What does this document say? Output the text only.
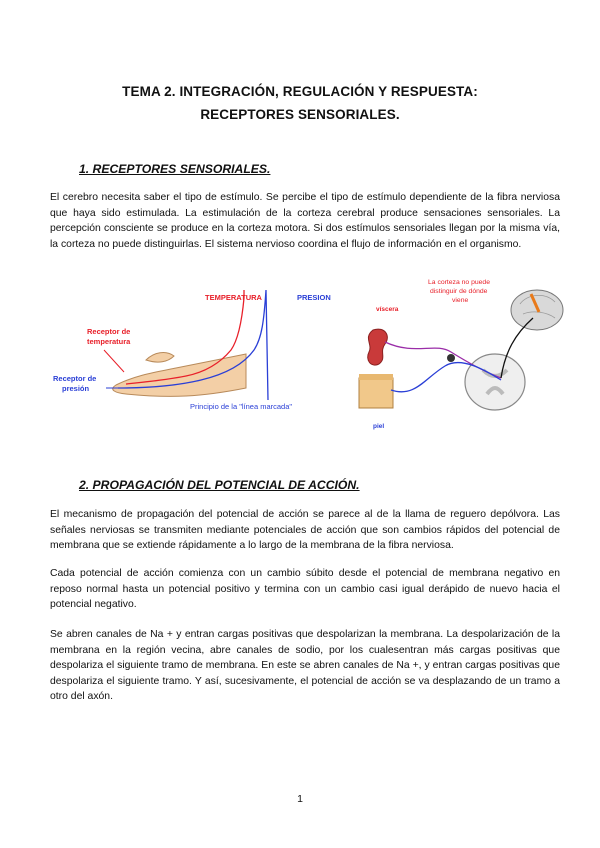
TEMA 2. INTEGRACIÓN, REGULACIÓN Y RESPUESTA:
RECEPTORES SENSORIALES.
1. RECEPTORES SENSORIALES.
El cerebro necesita saber el tipo de estímulo. Se percibe el tipo de estímulo dependiente de la fibra nerviosa que haya sido estimulada. La estimulación de la corteza cerebral produce sensaciones sensoriales. La percepción consciente se produce en la corteza motora. Si dos estímulos sensoriales llegan por la misma vía, la corteza no puede distinguirlas. El sistema nervioso coordina el flujo de información en el organismo.
TEMPERATURA	PRESION
Receptor de
temperatura
Receptor de
presión
Principio de la "línea marcada"
La corteza no puede
distinguir de dónde
viene
víscera
piel
2. PROPAGACIÓN DEL POTENCIAL DE ACCIÓN.
El mecanismo de propagación del potencial de acción se parece al de la llama de reguero depólvora. Las señales nerviosas se transmiten mediante potenciales de acción que son cambios rápidos del potencial de membrana que se extiende rápidamente a lo largo de la membrana de la fibra nerviosa.
Cada potencial de acción comienza con un cambio súbito desde el potencial de membrana negativo en reposo normal hasta un potencial positivo y termina con un cambio casi igual derápido de nuevo hacia el potencial negativo.
Se abren canales de Na + y entran cargas positivas que despolarizan la membrana. La despolarización de la membrana en la región vecina, abre canales de sodio, por los cualesentran más cargas positivas que despolariza el siguiente tramo de membrana. En este se abren canales de Na +, y entran cargas positivas que despolariza el siguiente tramo. Y así, sucesivamente, el potencial de acción se va desplazando de un tramo a otro del axón.
1
